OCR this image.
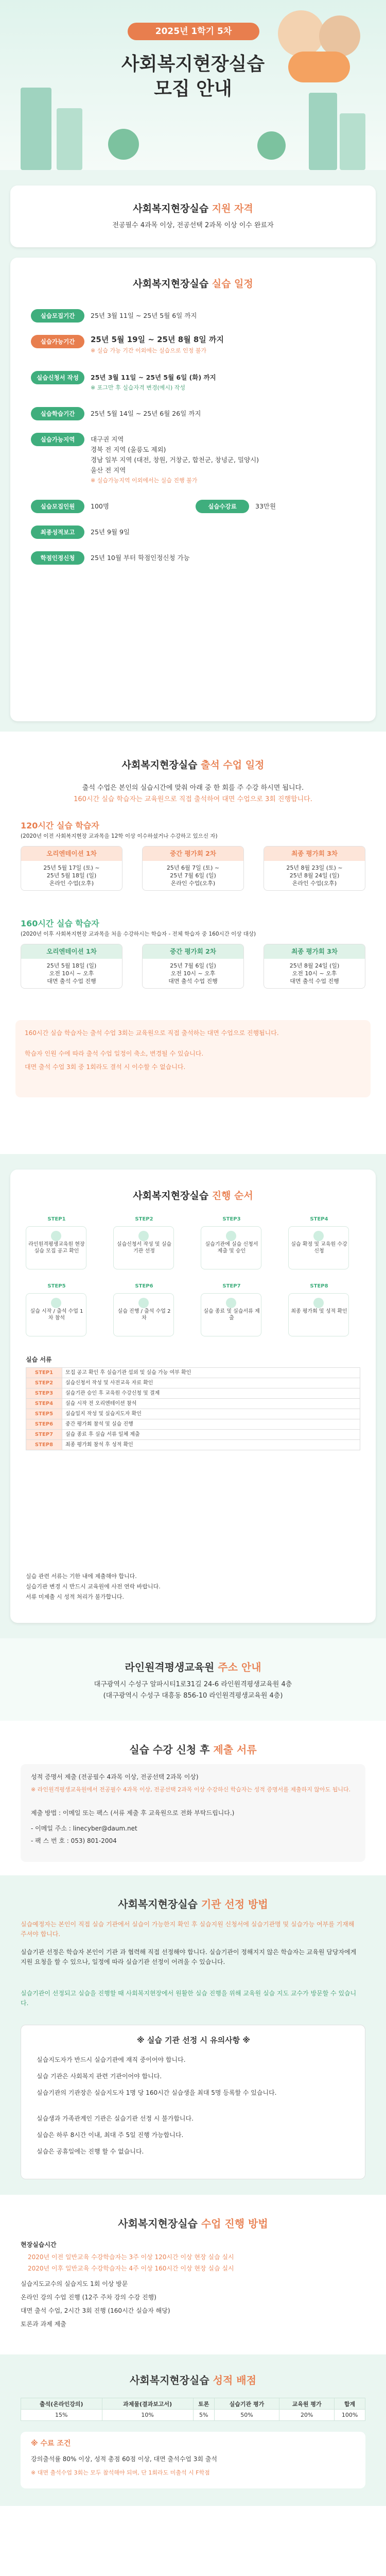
2025년 1학기 5차
사회복지현장실습
모집 안내
사회복지현장실습 지원 자격
전공필수 4과목 이상, 전공선택 2과목 이상 이수 완료자
사회복지현장실습 실습 일정
실습모집기간	25년 3월 11일 ~ 25년 5월 6일 까지
실습가능기간	25년 5월 19일 ~ 25년 8월 8일 까지
※ 실습 가능 기간 이외에는 실습으로 인정 불가
실습신청서 작성	25년 3월 11일 ~ 25년 5월 6일 (화) 까지
※ 포그만 후 실습자격 변경(예시) 작성
실습학습기간	25년 5월 14일 ~ 25년 6월 26일 까지
실습가능지역	대구권 지역
경북 전 지역 (울릉도 제외)
경남 일부 지역 (대전, 창원, 거창군, 합천군, 창녕군, 밀양시)
울산 전 지역
※ 실습가능지역 이외에서는 실습 진행 불가
실습모집인원	100명	실습수강료	33만원
최종성적보고	25년 9월 9일
학점인정신청	25년 10월 부터 학점인정신청 가능
사회복지현장실습 출석 수업 일정
출석 수업은 본인의 실습시간에 맞춰 아래 중 한 회를 주 수강 하시면 됩니다.
160시간 실습 학습자는 교육원으로 직접 출석하여 대면 수업으로 3회 진행합니다.
120시간 실습 학습자
(2020년 이전 사회복지현장 교과목을 12학 이상 이수하셨거나 수강하고 있으신 자)
오리엔테이션 1차
25년 5월 17일 (토) ~
25년 5월 18일 (일)
온라인 수업(오후)
중간 평가회 2차
25년 6월 7일 (토) ~
25년 7월 6일 (일)
온라인 수업(오후)
최종 평가회 3차
25년 8월 23일 (토) ~
25년 8월 24일 (일)
온라인 수업(오후)
160시간 실습 학습자
(2020년 이후 사회복지현장 교과목을 처음 수강하시는 학습자 - 전체 학습자 중 160시간 이상 대상)
오리엔테이션 1차
25년 5월 18일 (일)
오전 10시 ~ 오후
대면 출석 수업 진행
중간 평가회 2차
25년 7월 6일 (일)
오전 10시 ~ 오후
대면 출석 수업 진행
최종 평가회 3차
25년 8월 24일 (일)
오전 10시 ~ 오후
대면 출석 수업 진행
160시간 실습 학습자는 출석 수업 3회는 교육원으로 직접 출석하는 대면 수업으로 진행됩니다.
학습자 인원 수에 따라 출석 수업 일정이 축소, 변경될 수 있습니다.
대면 출석 수업 3회 중 1회라도 결석 시 이수할 수 없습니다.
사회복지현장실습 진행 순서
STEP1
라인원격평생교육원 현장실습 모집 공고 확인
STEP2
실습신청서 작성 및 실습기관 선정
STEP3
실습기관에 실습 신청서 제출 및 승인
STEP4
실습 확정 및 교육원 수강신청
STEP5
실습 시작 / 출석 수업 1차 참석
STEP6
실습 진행 / 출석 수업 2차
STEP7
실습 종료 및 실습서류 제출
STEP8
최종 평가회 및 성적 확인
실습 서류
STEP1	모집 공고 확인 후 실습기관 섭외 및 실습 가능 여부 확인
STEP2	실습신청서 작성 및 사전교육 자료 확인
STEP3	실습기관 승인 후 교육원 수강신청 및 결제
STEP4	실습 시작 전 오리엔테이션 참석
STEP5	실습일지 작성 및 실습지도자 확인
STEP6	중간 평가회 참석 및 실습 진행
STEP7	실습 종료 후 실습 서류 일체 제출
STEP8	최종 평가회 참석 후 성적 확인
실습 관련 서류는 기한 내에 제출해야 합니다.
실습기관 변경 시 반드시 교육원에 사전 연락 바랍니다.
서류 미제출 시 성적 처리가 불가합니다.
라인원격평생교육원 주소 안내
대구광역시 수성구 알파시티1로31길 24-6 라인원격평생교육원 4층
(대구광역시 수성구 대흥동 856-10 라인원격평생교육원 4층)
실습 수강 신청 후 제출 서류
성적 증명서 제출 (전공필수 4과목 이상, 전공선택 2과목 이상)
※ 라인원격평생교육원에서 전공필수 4과목 이상, 전공선택 2과목 이상 수강하신 학습자는 성적 증명서를 제출하지 않아도 됩니다.
제출 방법 : 이메일 또는 팩스 (서류 제출 후 교육원으로 전화 부탁드립니다.)
- 이메일 주소 : linecyber@daum.net
- 팩 스 번 호 : 053) 801-2004
사회복지현장실습 기관 선정 방법
실습예정자는 본인이 직접 실습 기관에서 실습이 가능한지 확인 후 실습지원 신청서에 실습기관명 및 실습가능 여부를 기재해 주셔야 합니다.
실습기관 선정은 학습자 본인이 기관 과 협력해 직접 선정해야 합니다. 실습기관이 정해지지 않은 학습자는 교육원 담당자에게 지원 요청을 할 수 있으나, 일정에 따라 실습기관 선정이 어려울 수 있습니다.
실습기관이 선정되고 실습을 진행할 때 사회복지현장에서 원활한 실습 진행을 위해 교육원 실습 지도 교수가 방문할 수 있습니다.
※ 실습 기관 선정 시 유의사항 ※
실습지도자가 반드시 실습기관에 재직 중이어야 합니다.
실습 기관은 사회복지 관련 기관이어야 합니다.
실습기관의 기관장은 실습지도자 1명 당 160시간 실습생을 최대 5명 등록할 수 있습니다.
실습생과 가족관계인 기관은 실습기관 선정 시 불가합니다.
실습은 하루 8시간 이내, 최대 주 5일 진행 가능합니다.
실습은 공휴일에는 진행 할 수 없습니다.
사회복지현장실습 수업 진행 방법
현장실습시간
2020년 이전 일반교육 수강학습자는 3주 이상 120시간 이상 현장 실습 실시
2020년 이후 일반교육 수강학습자는 4주 이상 160시간 이상 현장 실습 실시
실습지도교수의 실습지도 1회 이상 방문
온라인 강의 수업 진행 (12주 주차 강의 수강 진행)
대면 출석 수업, 2시간 3회 진행 (160시간 실습자 해당)
토론과 과제 제출
사회복지현장실습 성적 배점
출석(온라인강의)	과제물(결과보고서)	토론	실습기관 평가	교육원 평가	합계
15%	10%	5%	50%	20%	100%
※ 수료 조건
강의출석률 80% 이상, 성적 총점 60점 이상, 대면 출석수업 3회 출석
※ 대면 출석수업 3회는 모두 참석해야 되며, 단 1회라도 미출석 시 F학점
